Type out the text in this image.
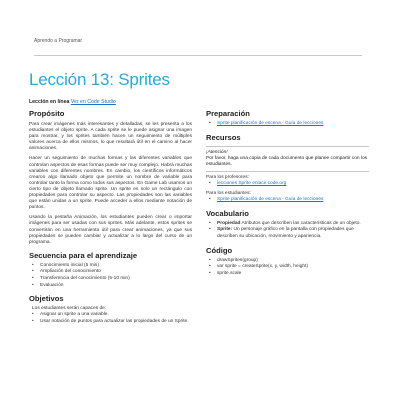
Aprendo a Programar
Lección 13: Sprites
Lección en línea Ver en Code Studio
Propósito

Para crear imágenes más interesantes y detalladas, se les presenta a los estudiantes el objeto sprite. A cada sprite se le puede asignar una imagen para mostrar, y los sprites también hacen un seguimiento de múltiples valores acerca de ellos mismos, lo que resultará útil en el camino al hacer animaciones.

Hacer un seguimiento de muchas formas y las diferentes variables que controlan aspectos de esas formas puede ser muy complejo. Habrá muchas variables con diferentes nombres. En cambio, los científicos informáticos crearon algo llamado objeto que permite un nombre de variable para controlar tanto la forma como todos sus aspectos. En Game Lab usamos un cierto tipo de objeto llamado sprite. Un sprite es solo un rectángulo con propiedades para controlar su aspecto. Las propiedades son las variables que están unidas a un sprite. Puede acceder a ellos mediante notación de puntos.

Usando la pestaña Animación, los estudiantes pueden crear o importar imágenes para ser usadas con sus sprites. Más adelante, estos sprites se convertirán en una herramienta útil para crear animaciones, ya que sus propiedades se pueden cambiar y actualizar a lo largo del curso de un programa.

Secuencia para el aprendizaje
• Conocimiento inicial (5 min)
• Ampliación del conocimiento
• Transferencia del conocimiento (5-10 min)
• Evaluación
Objetivos
Los estudiantes serán capaces de:
• Asignar un sprite a una variable.
• Usar notación de puntos para actualizar las propiedades de un Sprite.
Preparación
• Sprite planificación de escena - Guía de lecciones
Recursos
¡Atención!
Por favor, haga una copia de cada documento que planee compartir con los estudiantes.
Para los profesores:
• lecciones Sprite enlace code.org
Para los estudiantes:
• Sprite planificación de escena - Guía de lecciones
Vocabulario
• Propiedad Atributos que describen las características de un objeto.
• Sprite: Un personaje gráfico en la pantalla con propiedades que describen su ubicación, movimiento y apariencia.
Código
• drawSprites(group)
• var sprite = createSprite(x, y, width, height)
• sprite.scale
